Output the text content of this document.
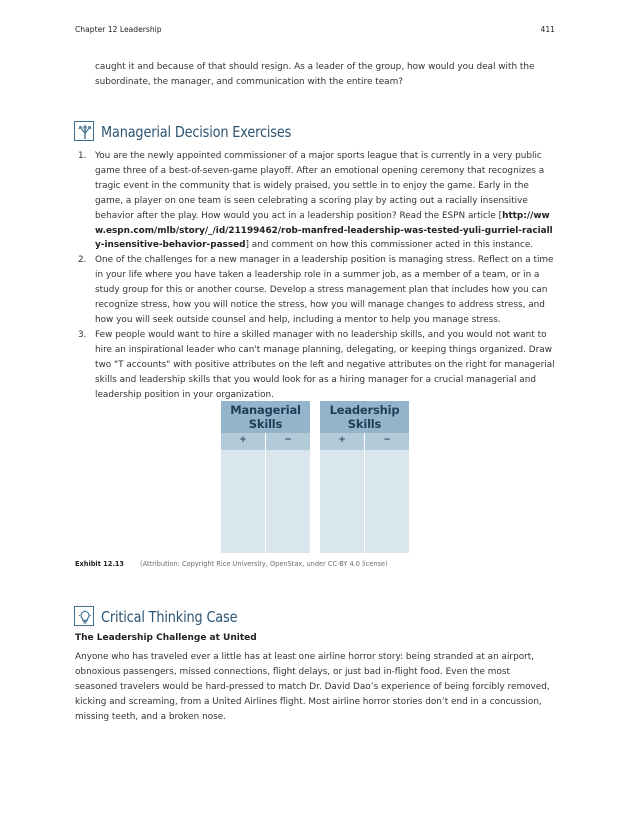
Chapter 12 Leadership	411

caught it and because of that should resign. As a leader of the group, how would you deal with the subordinate, the manager, and communication with the entire team?

Managerial Decision Exercises
1. You are the newly appointed commissioner of a major sports league that is currently in a very public game three of a best-of-seven-game playoff. After an emotional opening ceremony that recognizes a tragic event in the community that is widely praised, you settle in to enjoy the game. Early in the game, a player on one team is seen celebrating a scoring play by acting out a racially insensitive behavior after the play. How would you act in a leadership position? Read the ESPN article [http://www.espn.com/mlb/story/_/id/21199462/rob-manfred-leadership-was-tested-yuli-gurriel-racially-insensitive-behavior-passed] and comment on how this commissioner acted in this instance.
2. One of the challenges for a new manager in a leadership position is managing stress. Reflect on a time in your life where you have taken a leadership role in a summer job, as a member of a team, or in a study group for this or another course. Develop a stress management plan that includes how you can recognize stress, how you will notice the stress, how you will manage changes to address stress, and how you will seek outside counsel and help, including a mentor to help you manage stress.
3. Few people would want to hire a skilled manager with no leadership skills, and you would not want to hire an inspirational leader who can't manage planning, delegating, or keeping things organized. Draw two "T accounts" with positive attributes on the left and negative attributes on the right for managerial skills and leadership skills that you would look for as a hiring manager for a crucial managerial and leadership position in your organization.
Managerial
Skills
+	−
Leadership
Skills
+	−
Exhibit 12.13 (Attribution: Copyright Rice University, OpenStax, under CC-BY 4.0 license)
Critical Thinking Case
The Leadership Challenge at United

Anyone who has traveled ever a little has at least one airline horror story: being stranded at an airport, obnoxious passengers, missed connections, flight delays, or just bad in-flight food. Even the most seasoned travelers would be hard-pressed to match Dr. David Dao’s experience of being forcibly removed, kicking and screaming, from a United Airlines flight. Most airline horror stories don’t end in a concussion, missing teeth, and a broken nose.
